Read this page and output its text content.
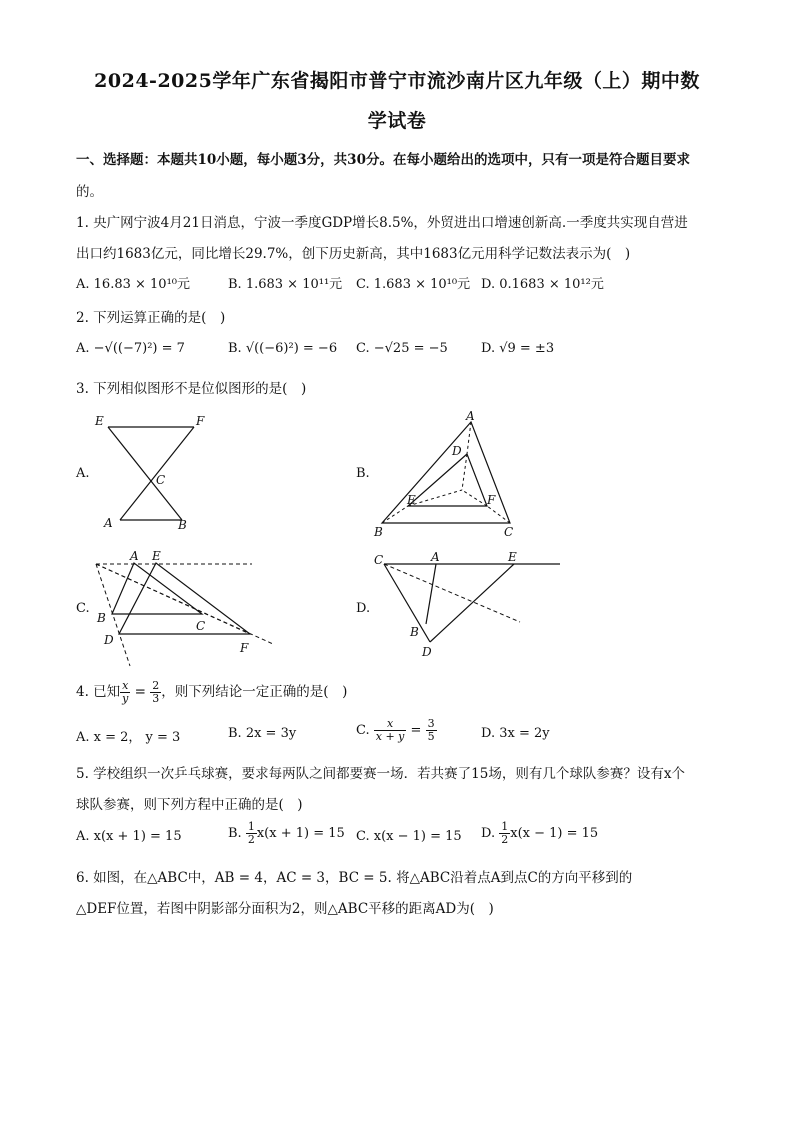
2024-2025学年广东省揭阳市普宁市流沙南片区九年级（上）期中数
学试卷
一、选择题：本题共10小题，每小题3分，共30分。在每小题给出的选项中，只有一项是符合题目要求
的。
1. 央广网宁波4月21日消息，宁波一季度GDP增长8.5%，外贸进出口增速创新高.一季度共实现自营进
出口约1683亿元，同比增长29.7%，创下历史新高，其中1683亿元用科学记数法表示为(　)
A. 16.83 × 10¹⁰元	B. 1.683 × 10¹¹元 C. 1.683 × 10¹⁰元 D. 0.1683 × 10¹²元
2. 下列运算正确的是(　)
A. −√((−7)²) = 7	B. √((−6)²) = −6 C. −√25 = −5	D. √9 = ±3
3. 下列相似图形不是位似图形的是(　)
A.
E	F
C
A	B
B.
A
D
E	F
B	C
C.
A E
B
C
D
F
D.
C	A	E
B
D
4. 已知 $\frac{x}{y} = \frac{2}{3}$ ，则下列结论一定正确的是(　)
A. x = 2， y = 3	B. 2x = 3y	C. $\frac{x}{x + y} = \frac{3}{5}$	D. 3x = 2y
5. 学校组织一次乒乓球赛，要求每两队之间都要赛一场．若共赛了15场，则有几个球队参赛？设有x个
球队参赛，则下列方程中正确的是(　)
A. x(x + 1) = 15	B. $\frac{1}{2} x(x + 1) = 15$ C. x(x − 1) = 15 D. $\frac{1}{2} x(x - 1) = 15$
6. 如图，在△ABC中，AB = 4，AC = 3，BC = 5. 将△ABC沿着点A到点C的方向平移到的
△DEF位置，若图中阴影部分面积为2，则△ABC平移的距离AD为(　)
